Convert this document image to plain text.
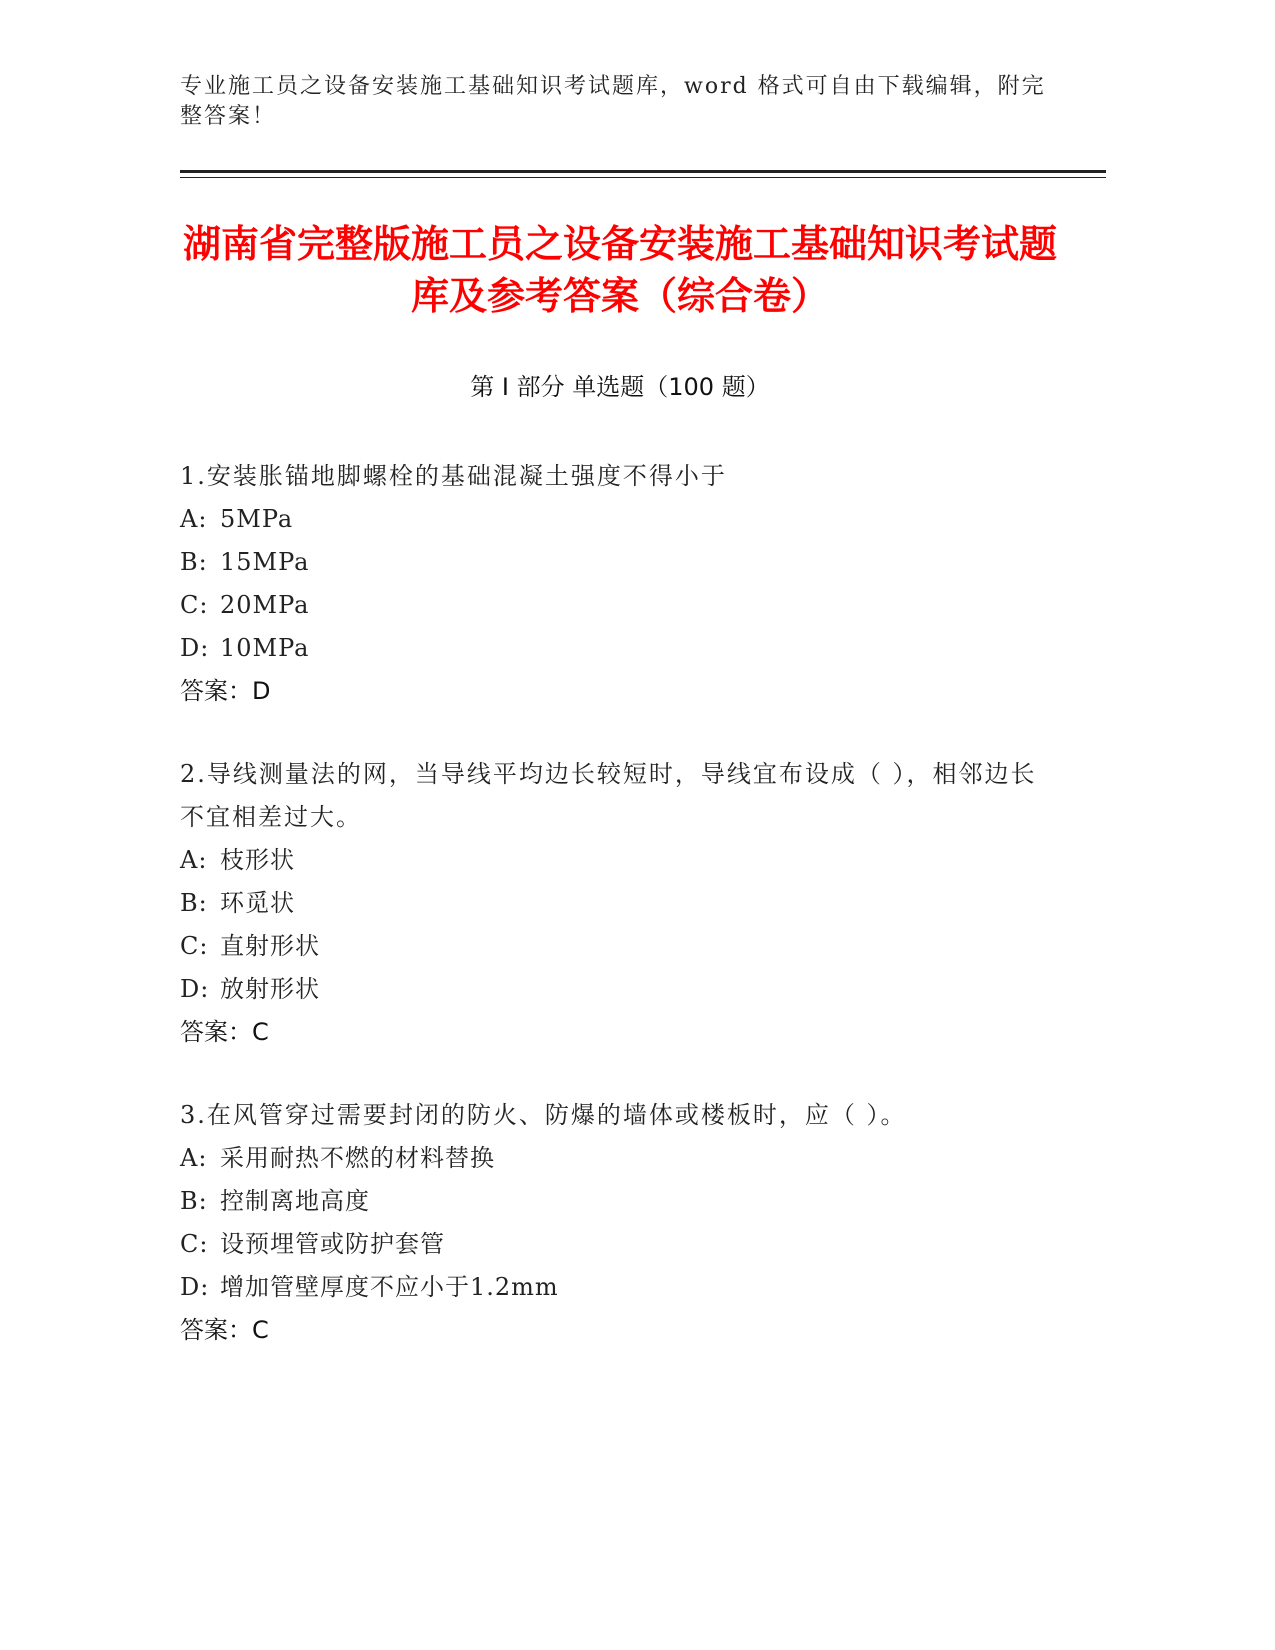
专业施工员之设备安装施工基础知识考试题库，word 格式可自由下载编辑，附完整答案！
湖南省完整版施工员之设备安装施工基础知识考试题库及参考答案（综合卷）
第 I 部分 单选题（100 题）

1.安装胀锚地脚螺栓的基础混凝土强度不得小于

A: 5MPa

B: 15MPa

C: 20MPa

D: 10MPa

答案：D

2.导线测量法的网，当导线平均边长较短时，导线宜布设成（ ），相邻边长不宜相差过大。

A: 枝形状

B: 环觅状

C: 直射形状

D: 放射形状

答案：C

3.在风管穿过需要封闭的防火、防爆的墙体或楼板时，应（ ）。

A: 采用耐热不燃的材料替换

B: 控制离地高度

C: 设预埋管或防护套管

D: 增加管壁厚度不应小于1.2mm

答案：C
